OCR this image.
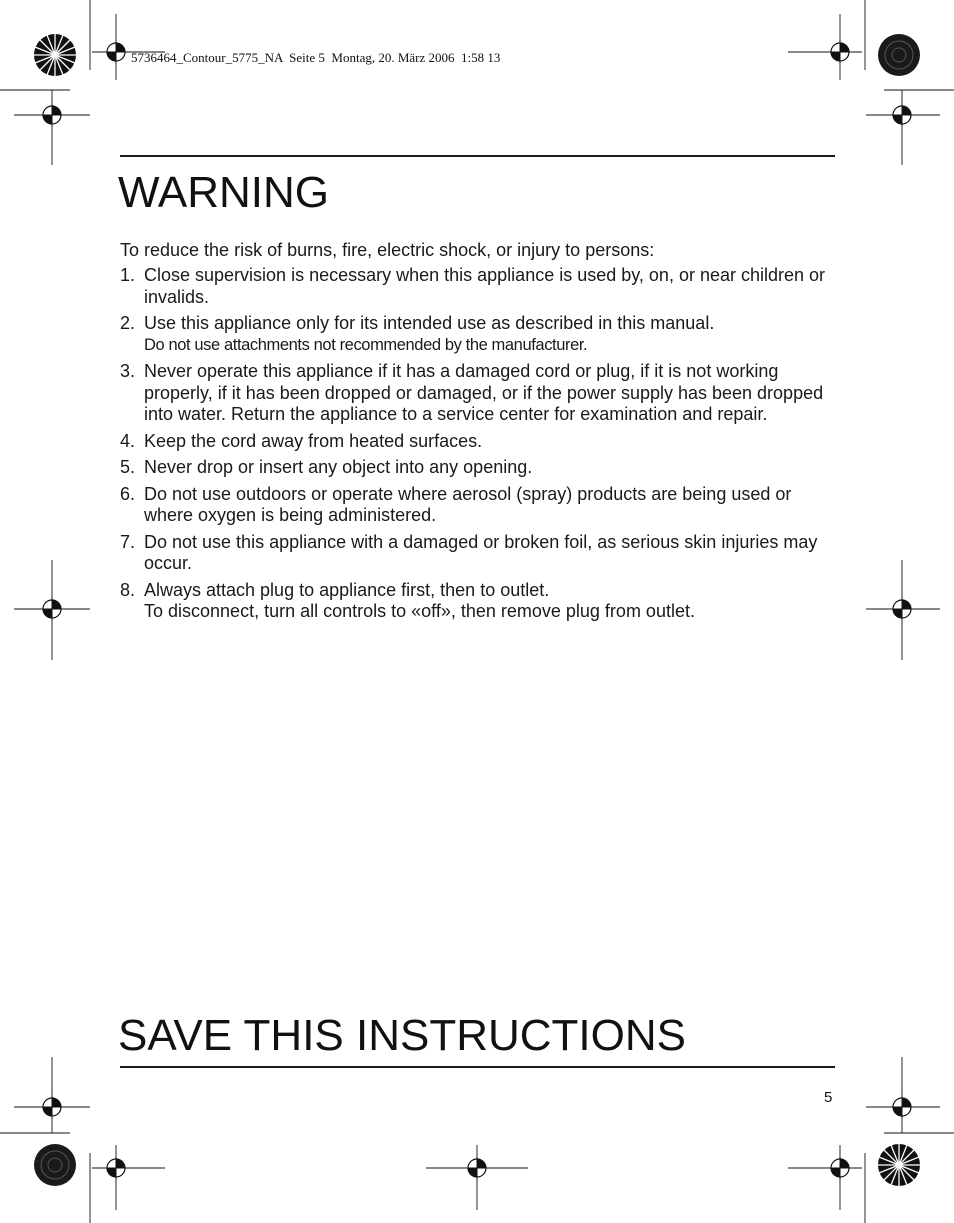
5736464_Contour_5775_NA  Seite 5  Montag, 20. März 2006  1:58 13
WARNING

To reduce the risk of burns, fire, electric shock, or injury to persons:

1. Close supervision is necessary when this appliance is used by, on, or near children or invalids.
2. Use this appliance only for its intended use as described in this manual.
Do not use attachments not recommended by the manufacturer.
3. Never operate this appliance if it has a damaged cord or plug, if it is not working properly, if it has been dropped or damaged, or if the power supply has been dropped into water. Return the appliance to a service center for examination and repair.
4. Keep the cord away from heated surfaces.
5. Never drop or insert any object into any opening.
6. Do not use outdoors or operate where aerosol (spray) products are being used or where oxygen is being administered.
7. Do not use this appliance with a damaged or broken foil, as serious skin injuries may occur.
8. Always attach plug to appliance first, then to outlet.
To disconnect, turn all controls to «off», then remove plug from outlet.
SAVE THIS INSTRUCTIONS
5
